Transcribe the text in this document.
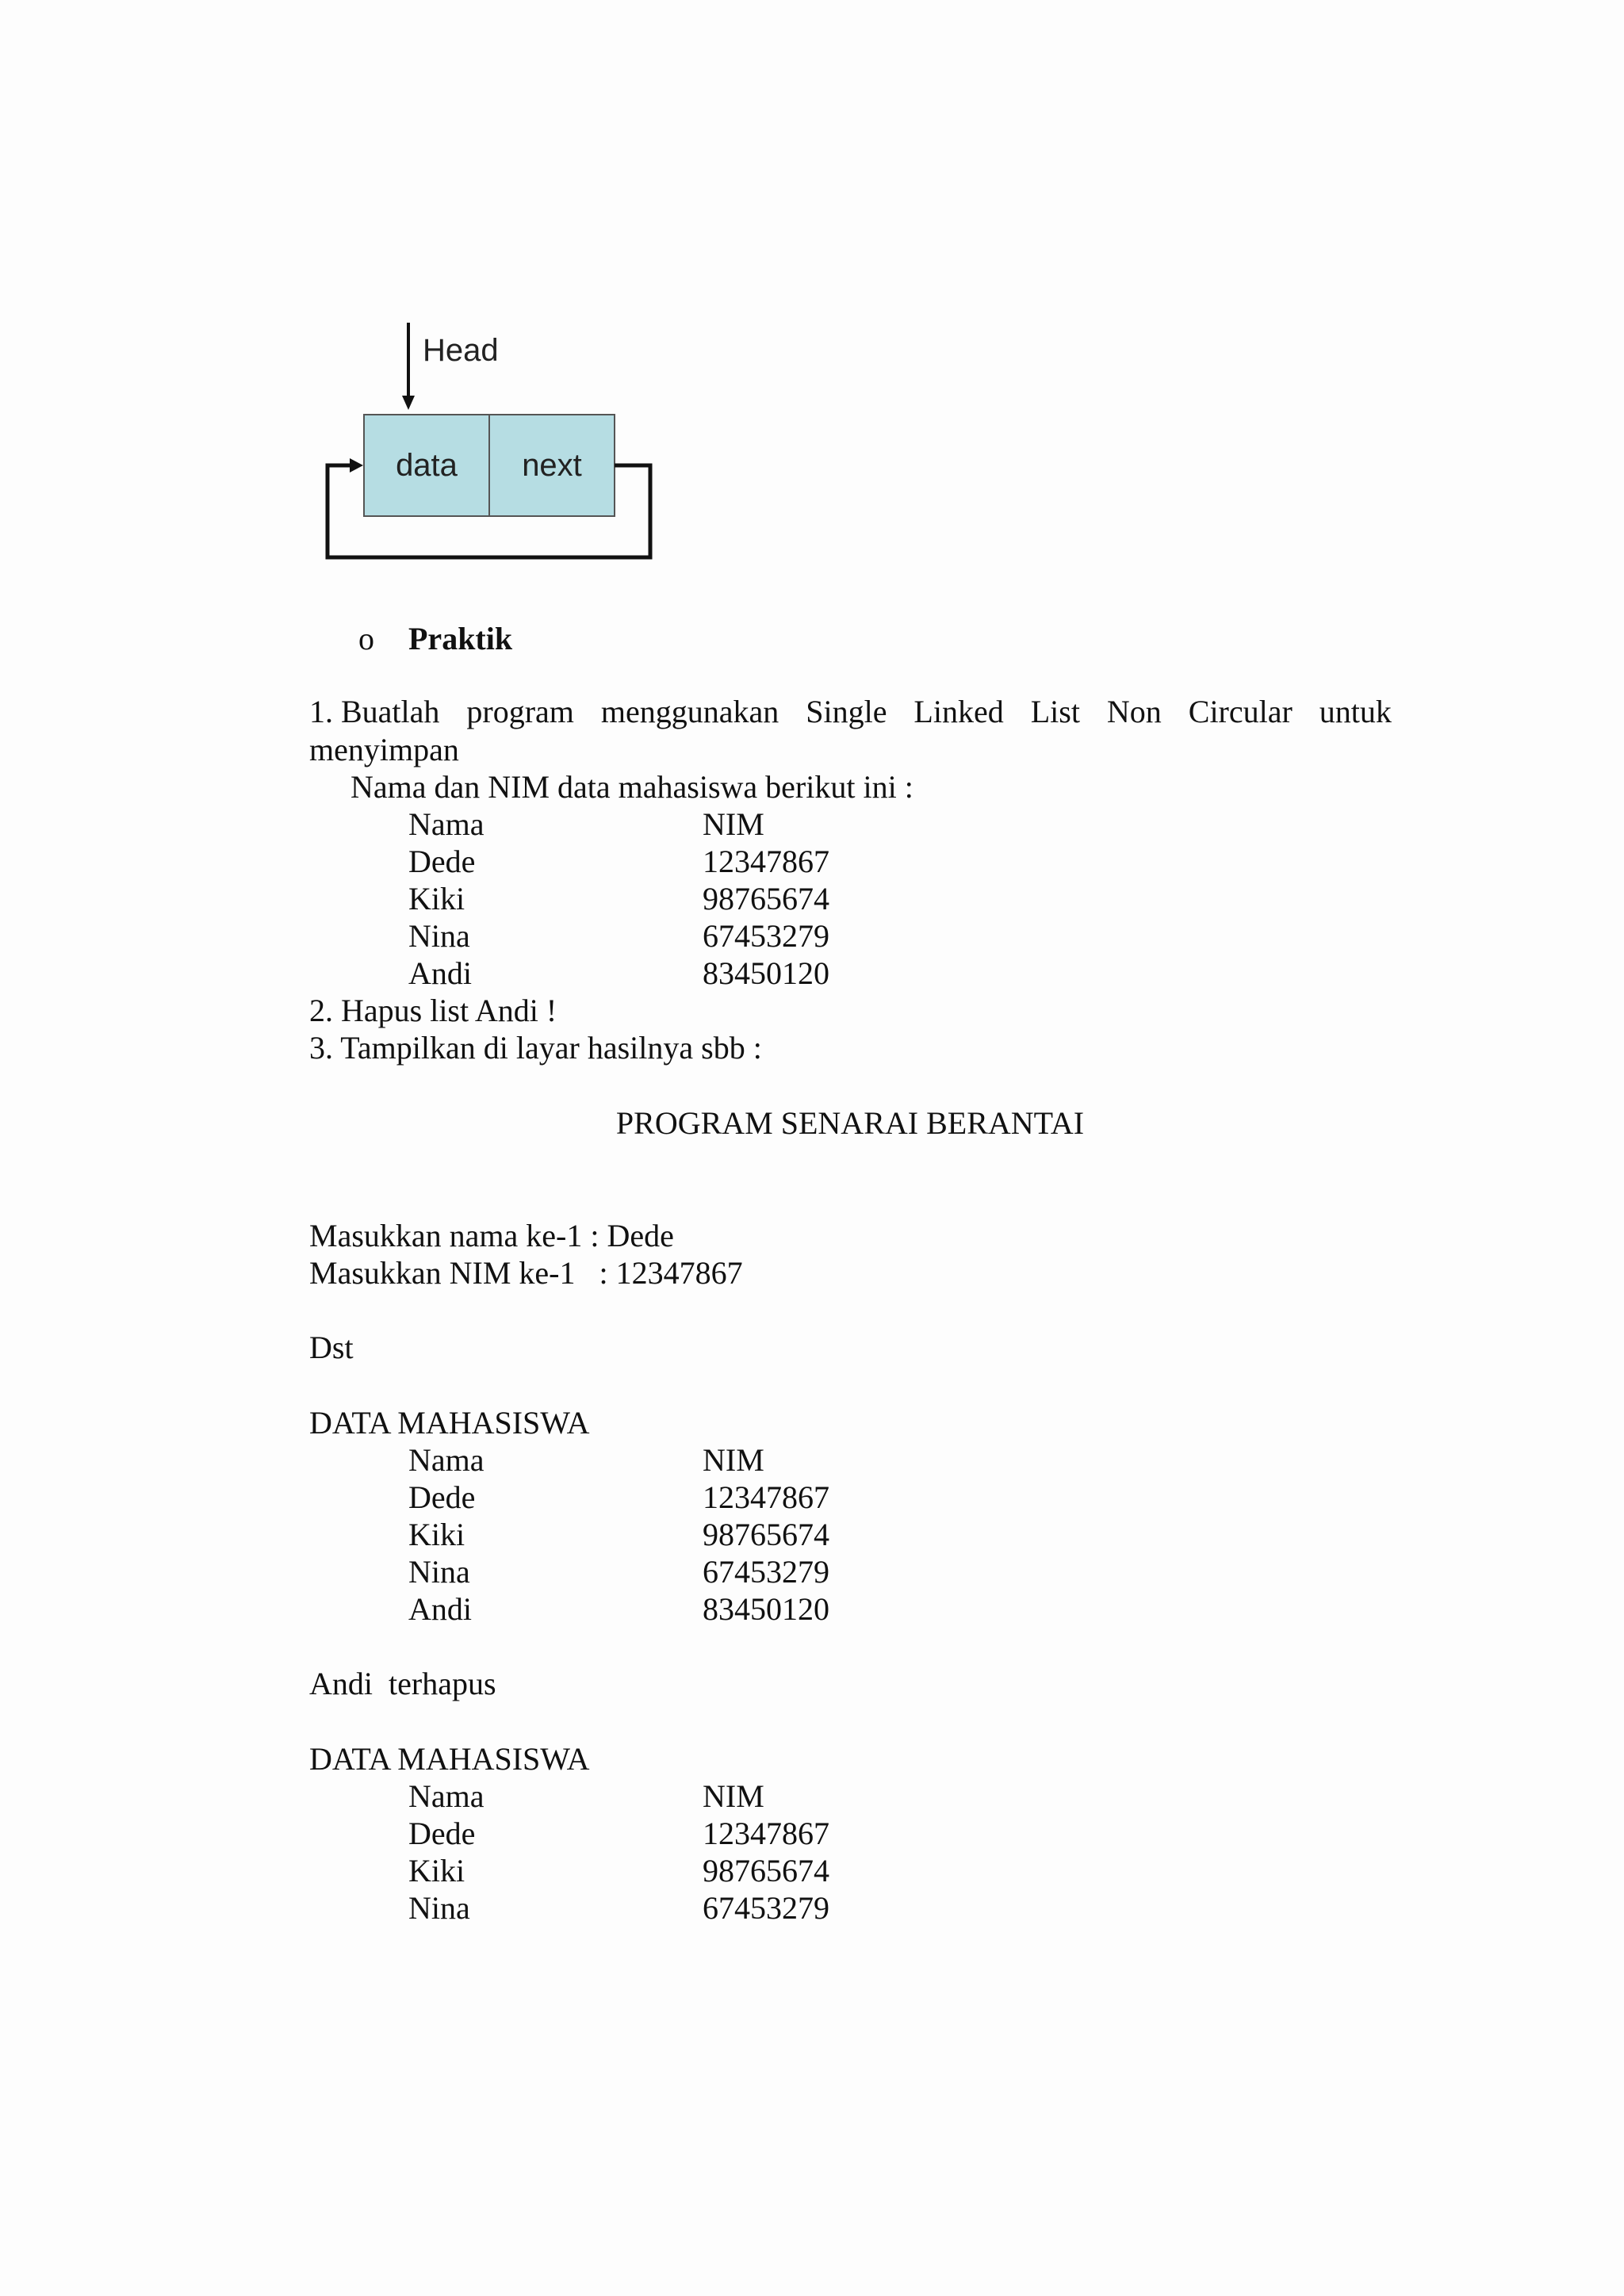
Head
data next
o Praktik
1. Buatlah program menggunakan Single Linked List Non Circular untuk
menyimpan
Nama dan NIM data mahasiswa berikut ini :
Nama	NIM
Dede	12347867
Kiki	98765674
Nina	67453279
Andi	83450120
2. Hapus list Andi !
3. Tampilkan di layar hasilnya sbb :
PROGRAM SENARAI BERANTAI
Masukkan nama ke-1 : Dede
Masukkan NIM ke-1   : 12347867
Dst
DATA MAHASISWA
Nama	NIM
Dede	12347867
Kiki	98765674
Nina	67453279
Andi	83450120
Andi  terhapus
DATA MAHASISWA
Nama	NIM
Dede	12347867
Kiki	98765674
Nina	67453279
